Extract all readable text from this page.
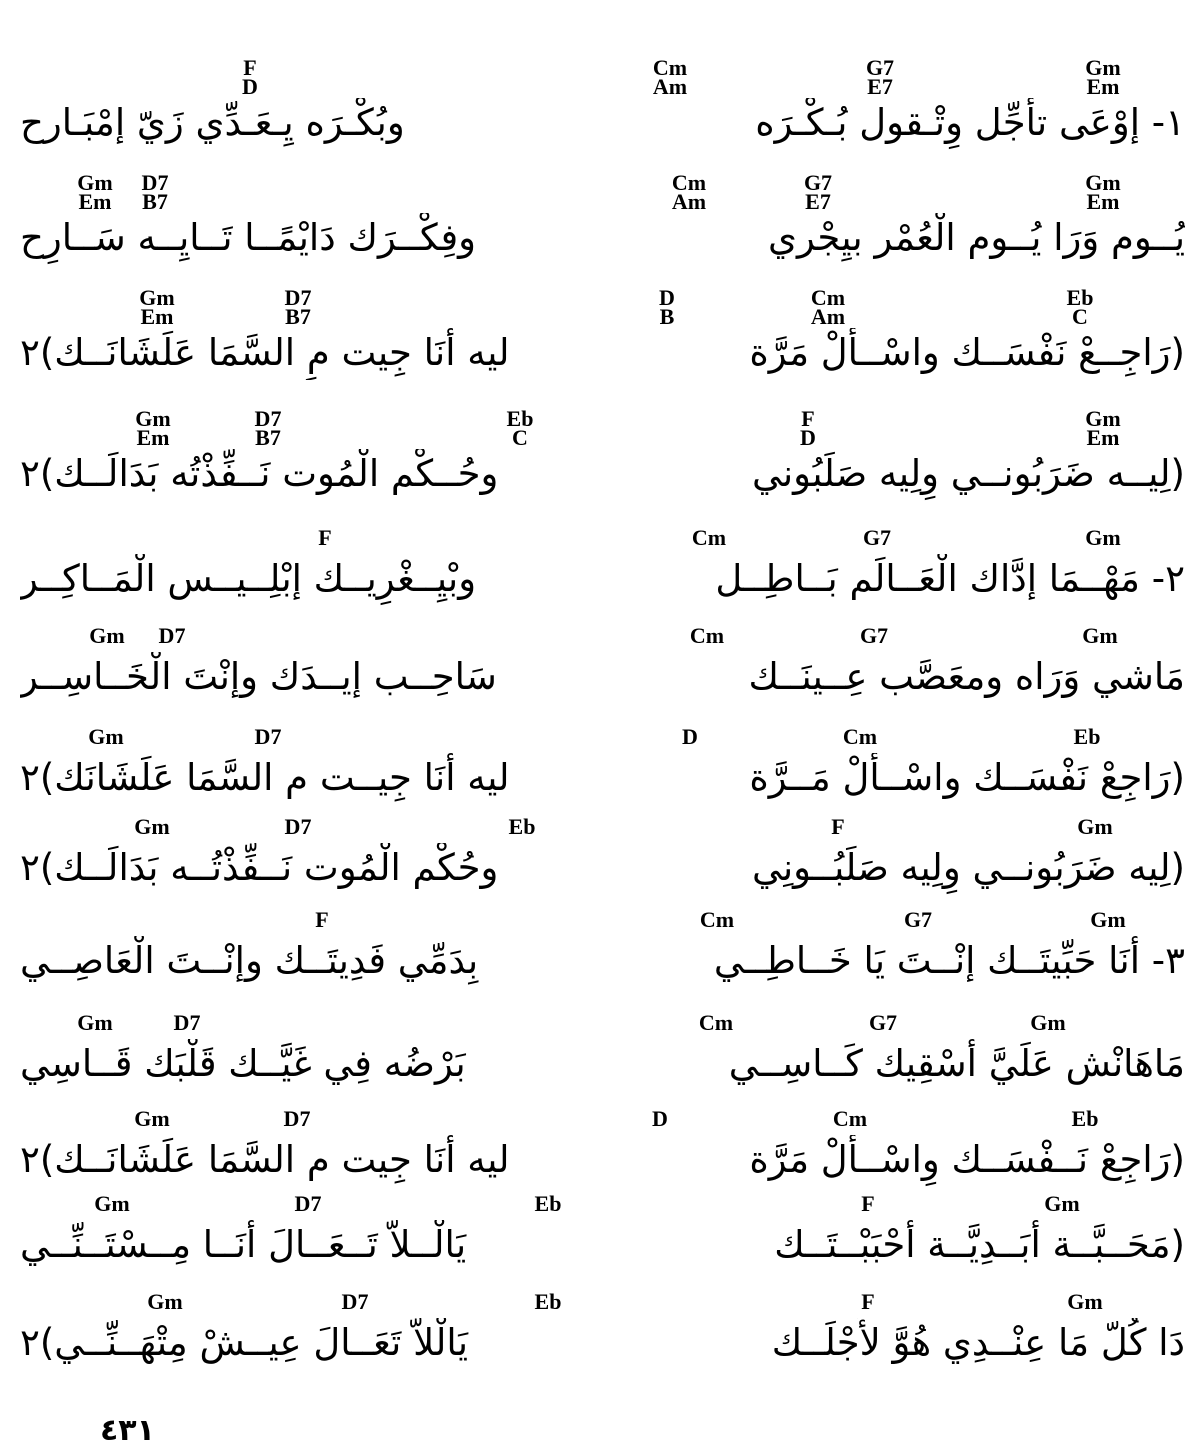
Cm
Am
G7
E7
Gm
Em
F
D
١- إوْعَى تأجِّل وِتْـقول بُـكْـرَه
وبُكْـرَه يِـعَـدِّي زَيّ إمْبَـارح
Cm
Am
G7
E7
Gm
Em
Gm
Em
D7
B7
يُــوم وَرَا يُــوم الْعُمْر بيِجْري
وفِكْــرَك دَايْمًــا تَــايِــه سَــارِح
D
B
Cm
Am
Eb
C
Gm
Em
D7
B7
(رَاجِــعْ نَفْسَــك واسْــأَلْ مَرَّة
ليه أنَا جِيت مِ السَّمَا عَلَشَانَــك)٢
F
D
Gm
Em
Gm
Em
D7
B7
Eb
C
(لِيــه ضَرَبُونــي وِلِيه صَلَبُوني
وحُــكْم الْمُوت نَــفِّذْتُه بَدَالَــك)٢
Cm	G7	Gm
F
٢- مَهْــمَا إدَّاك الْعَــالَم بَــاطِــل
وبْيِــغْرِيــك إبْلِــيــس الْمَــاكِــر
Cm	G7	Gm
Gm D7
مَاشي وَرَاه ومعَصَّب عِــينَــك
سَاحِــب إيــدَك وإنْتَ الْخَــاسِــر
D	Cm	Eb
Gm	D7
(رَاجِعْ نَفْسَــك واسْــأَلْ مَــرَّة
ليه أَنَا جِيــت م السَّمَا عَلَشَانَك)٢
F	Gm
Gm	D7	Eb
(لِيه ضَرَبُونــي وِلِيه صَلَبُــونِي
وحُكْم الْمُوت نَــفِّذْتُــه بَدَالَــك)٢
Cm	G7	Gm
F
٣- أنَا حَبِّيتَــك إنْــتَ يَا خَــاطِــي
بِدَمِّي فَدِيتَــك وإنْــتَ الْعَاصِــي
Cm	G7	Gm
Gm	D7
مَاهَانْش عَلَيَّ أسْقِيك كَــاسِــي
بَرْضُه فِي غَيَّــك قَلْبَك قَــاسِي
D	Cm	Eb
Gm	D7
(رَاجِعْ نَــفْسَــك وِاسْــأَلْ مَرَّة
ليه أَنَا جِيت م السَّمَا عَلَشَانَــك)٢
F	Gm
Gm	D7	Eb
(مَحَــبَّــة أَبَــدِيَّــة أَحْبَبْــتَــك
يَالْــلاَّ تَــعَــالَ أَنَــا مِــسْتَــنِّــي
F	Gm
Gm	D7	Eb
دَا كُلّ مَا عِنْــدِي هُوَّ لأَجْلَــك
يَالْلاَّ تَعَــالَ عِيــشْ مِتْهَــنِّــي)٢
٤٣١
